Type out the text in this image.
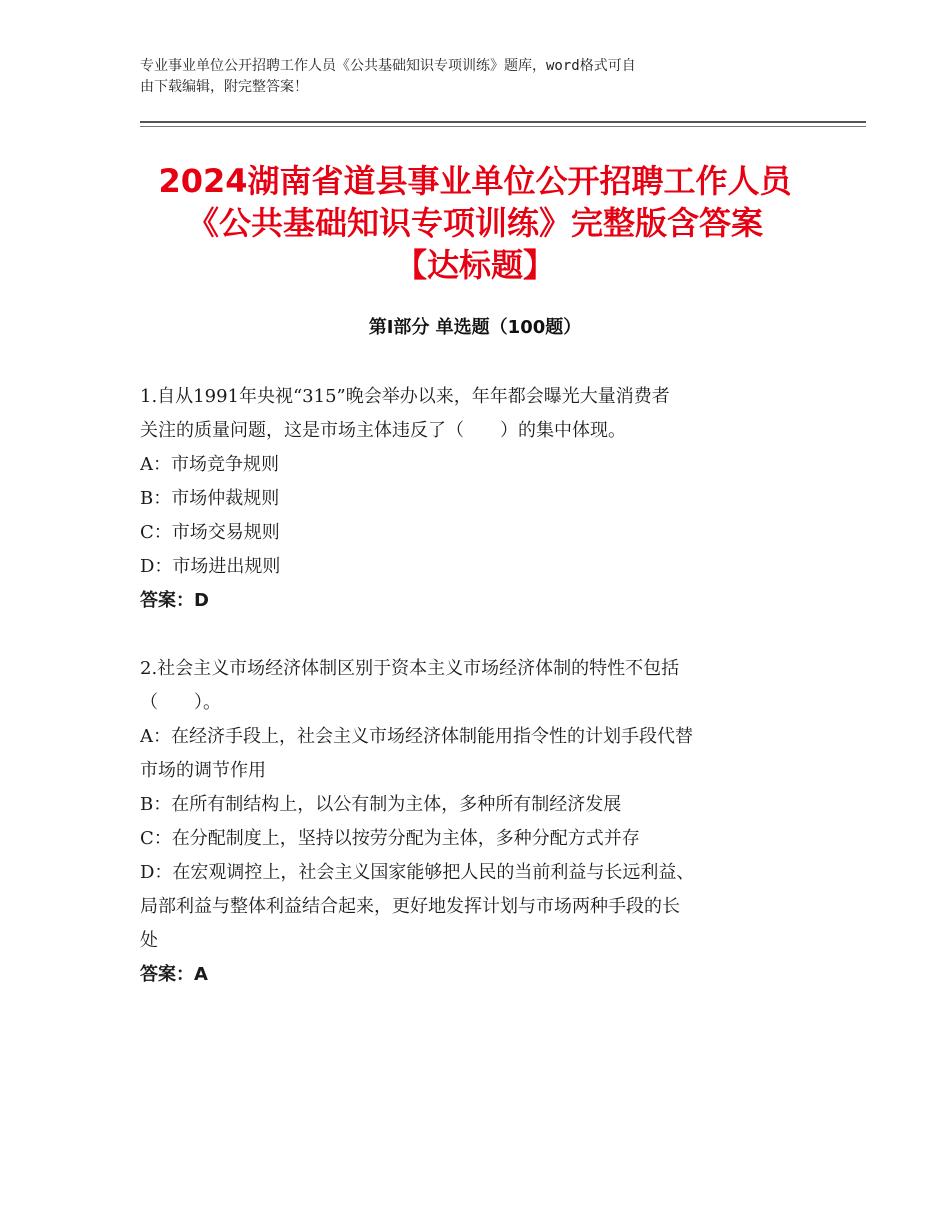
专业事业单位公开招聘工作人员《公共基础知识专项训练》题库，word格式可自
由下载编辑，附完整答案！
2024湖南省道县事业单位公开招聘工作人员
《公共基础知识专项训练》完整版含答案
【达标题】
第Ⅰ部分 单选题（100题）
1.自从1991年央视“315”晚会举办以来，年年都会曝光大量消费者
关注的质量问题，这是市场主体违反了（　　）的集中体现。
A：市场竞争规则
B：市场仲裁规则
C：市场交易规则
D：市场进出规则
答案：D
2.社会主义市场经济体制区别于资本主义市场经济体制的特性不包括
（　　）。
A：在经济手段上，社会主义市场经济体制能用指令性的计划手段代替
市场的调节作用
B：在所有制结构上，以公有制为主体，多种所有制经济发展
C：在分配制度上，坚持以按劳分配为主体，多种分配方式并存
D：在宏观调控上，社会主义国家能够把人民的当前利益与长远利益、
局部利益与整体利益结合起来，更好地发挥计划与市场两种手段的长
处
答案：A
